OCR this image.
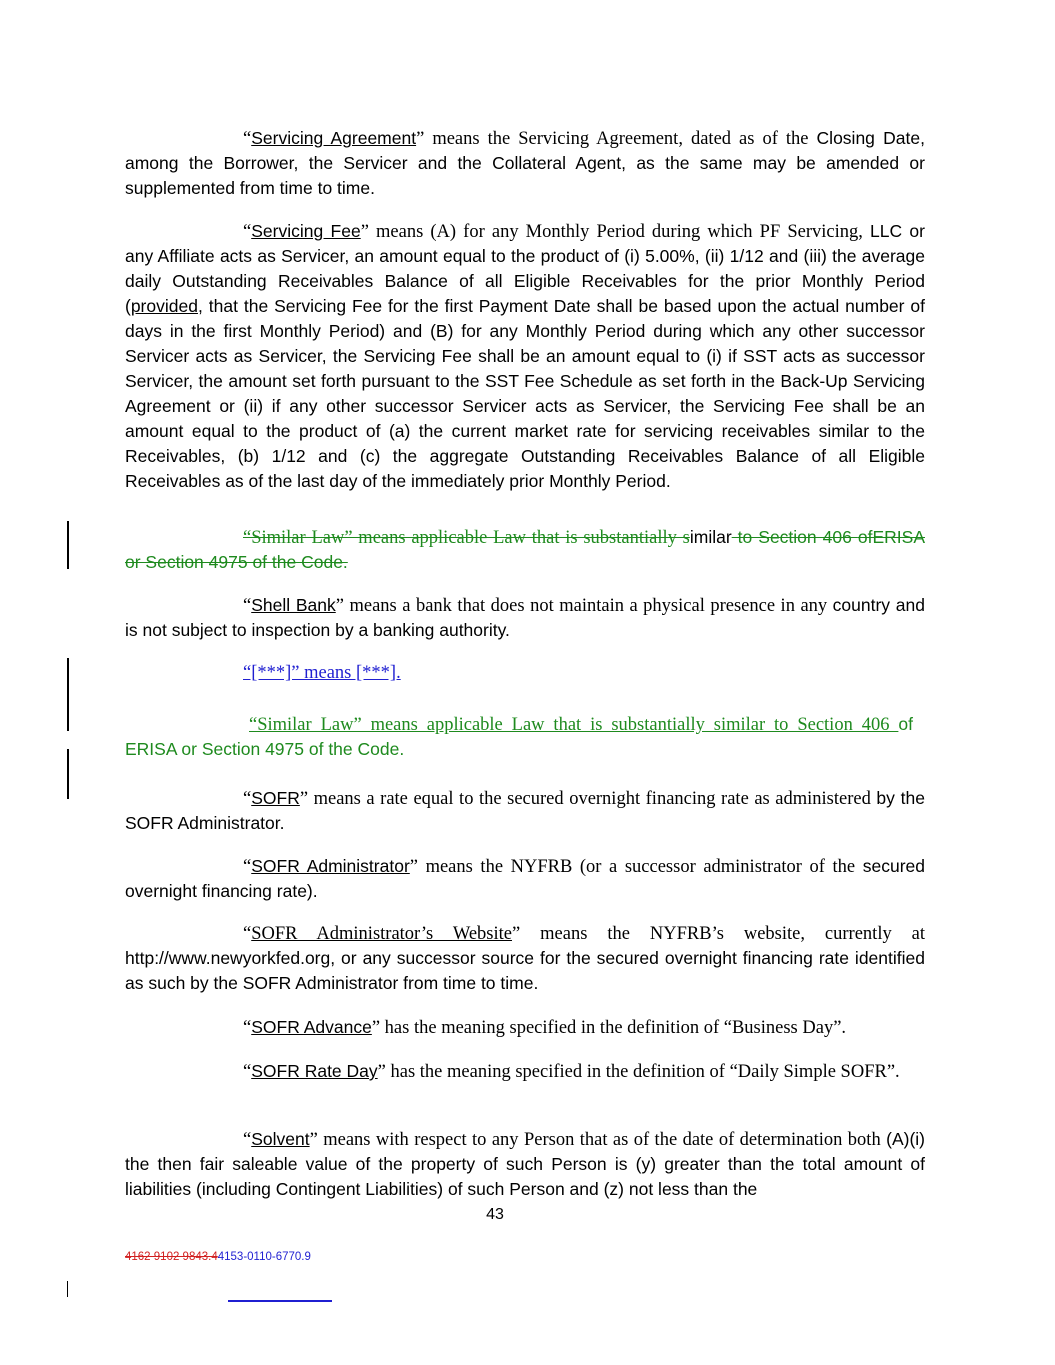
“Servicing Agreement” means the Servicing Agreement, dated as of the Closing Date, among the Borrower, the Servicer and the Collateral Agent, as the same may be amended or supplemented from time to time.

“Servicing Fee” means (A) for any Monthly Period during which PF Servicing, LLC or any Affiliate acts as Servicer, an amount equal to the product of (i) 5.00%, (ii) 1/12 and (iii) the average daily Outstanding Receivables Balance of all Eligible Receivables for the prior Monthly Period (provided, that the Servicing Fee for the first Payment Date shall be based upon the actual number of days in the first Monthly Period) and (B) for any Monthly Period during which any other successor Servicer acts as Servicer, the Servicing Fee shall be an amount equal to (i) if SST acts as successor Servicer, the amount set forth pursuant to the SST Fee Schedule as set forth in the Back-Up Servicing Agreement or (ii) if any other successor Servicer acts as Servicer, the Servicing Fee shall be an amount equal to the product of (a) the current market rate for servicing receivables similar to the Receivables, (b) 1/12 and (c) the aggregate Outstanding Receivables Balance of all Eligible Receivables as of the last day of the immediately prior Monthly Period.

“Similar Law” means applicable Law that is substantially similar to Section 406 ofERISA or Section 4975 of the Code.

“Shell Bank” means a bank that does not maintain a physical presence in any country and is not subject to inspection by a banking authority.

“[***]” means [***].

“Similar Law” means applicable Law that is substantially similar to Section 406 of ERISA or Section 4975 of the Code.

“SOFR” means a rate equal to the secured overnight financing rate as administered by the SOFR Administrator.

“SOFR Administrator” means the NYFRB (or a successor administrator of the secured overnight financing rate).

“SOFR Administrator’s Website” means the NYFRB’s website, currently at http://www.newyorkfed.org, or any successor source for the secured overnight financing rate identified as such by the SOFR Administrator from time to time.

“SOFR Advance” has the meaning specified in the definition of “Business Day”.

“SOFR Rate Day” has the meaning specified in the definition of “Daily Simple SOFR”.

“Solvent” means with respect to any Person that as of the date of determination both (A)(i) the then fair saleable value of the property of such Person is (y) greater than the total amount of liabilities (including Contingent Liabilities) of such Person and (z) not less than the

43
4162 9102 9843.44153-0110-6770.9
